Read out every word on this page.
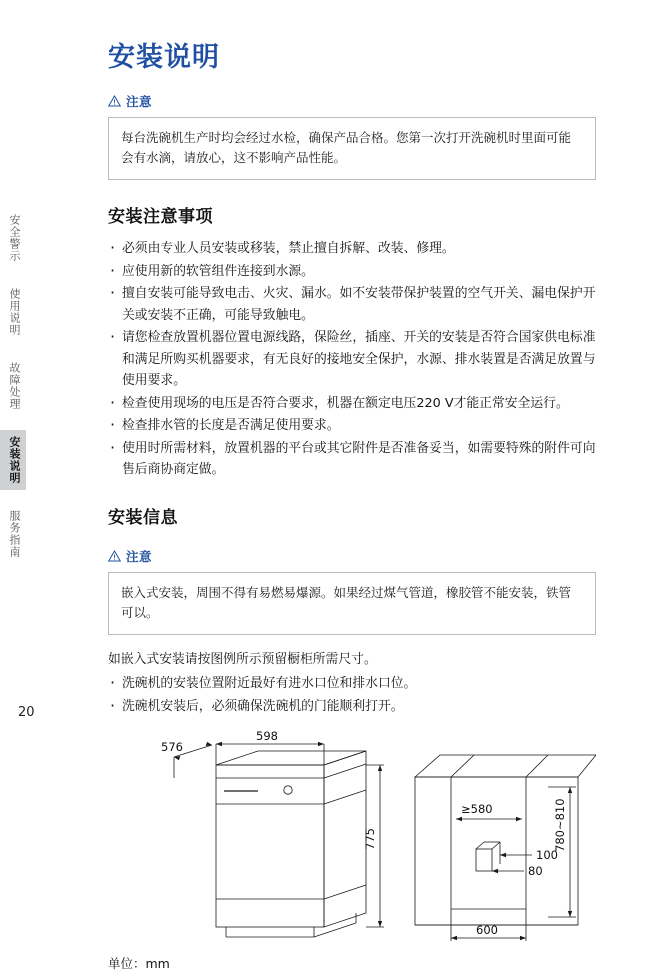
安全警示
使用说明
故障处理
安装说明
服务指南
20
安装说明
注意
每台洗碗机生产时均会经过水检，确保产品合格。您第一次打开洗碗机时里面可能会有水滴，请放心，这不影响产品性能。
安装注意事项
· 必须由专业人员安装或移装，禁止擅自拆解、改装、修理。
· 应使用新的软管组件连接到水源。
· 擅自安装可能导致电击、火灾、漏水。如不安装带保护装置的空气开关、漏电保护开关或安装不正确，可能导致触电。
· 请您检查放置机器位置电源线路，保险丝，插座、开关的安装是否符合国家供电标准和满足所购买机器要求，有无良好的接地安全保护，水源、排水装置是否满足放置与使用要求。
· 检查使用现场的电压是否符合要求，机器在额定电压220 V才能正常安全运行。
· 检查排水管的长度是否满足使用要求。
· 使用时所需材料，放置机器的平台或其它附件是否准备妥当，如需要特殊的附件可向售后商协商定做。
安装信息
注意
嵌入式安装，周围不得有易燃易爆源。如果经过煤气管道，橡胶管不能安装，铁管可以。

如嵌入式安装请按图例所示预留橱柜所需尺寸。

· 洗碗机的安装位置附近最好有进水口位和排水口位。
· 洗碗机安装后，必须确保洗碗机的门能顺利打开。
576
598
775
≥580
100
80
780~810
600
单位：mm
